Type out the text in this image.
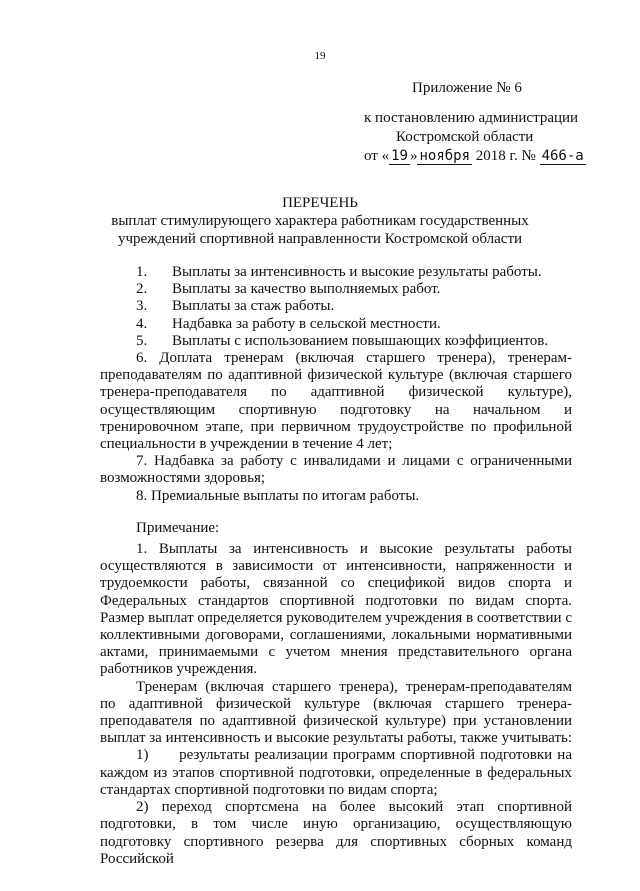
19
Приложение № 6
к постановлению администрации
Костромской области
от « 19 » ноября 2018 г. № 466-а
ПЕРЕЧЕНЬ
выплат стимулирующего характера работникам государственных учреждений спортивной направленности Костромской области
1.	Выплаты за интенсивность и высокие результаты работы.
2.	Выплаты за качество выполняемых работ.
3.	Выплаты за стаж работы.
4.	Надбавка за работу в сельской местности.
5.	Выплаты с использованием повышающих коэффициентов.

6. Доплата тренерам (включая старшего тренера), тренерам-преподавателям по адаптивной физической культуре (включая старшего тренера-преподавателя по адаптивной физической культуре), осуществляющим спортивную подготовку на начальном и тренировочном этапе, при первичном трудоустройстве по профильной специальности в учреждении в течение 4 лет;

7. Надбавка за работу с инвалидами и лицами с ограниченными возможностями здоровья;

8. Премиальные выплаты по итогам работы.

Примечание:

1. Выплаты за интенсивность и высокие результаты работы осуществляются в зависимости от интенсивности, напряженности и трудоемкости работы, связанной со спецификой видов спорта и Федеральных стандартов спортивной подготовки по видам спорта. Размер выплат определяется руководителем учреждения в соответствии с коллективными договорами, соглашениями, локальными нормативными актами, принимаемыми с учетом мнения представительного органа работников учреждения.

Тренерам (включая старшего тренера), тренерам-преподавателям по адаптивной физической культуре (включая старшего тренера-преподавателя по адаптивной физической культуре) при установлении выплат за интенсивность и высокие результаты работы, также учитывать:

1)      результаты реализации программ спортивной подготовки на каждом из этапов спортивной подготовки, определенные в федеральных стандартах спортивной подготовки по видам спорта;

2) переход спортсмена на более высокий этап спортивной подготовки, в том числе иную организацию, осуществляющую подготовку спортивного резерва для спортивных сборных команд Российской
